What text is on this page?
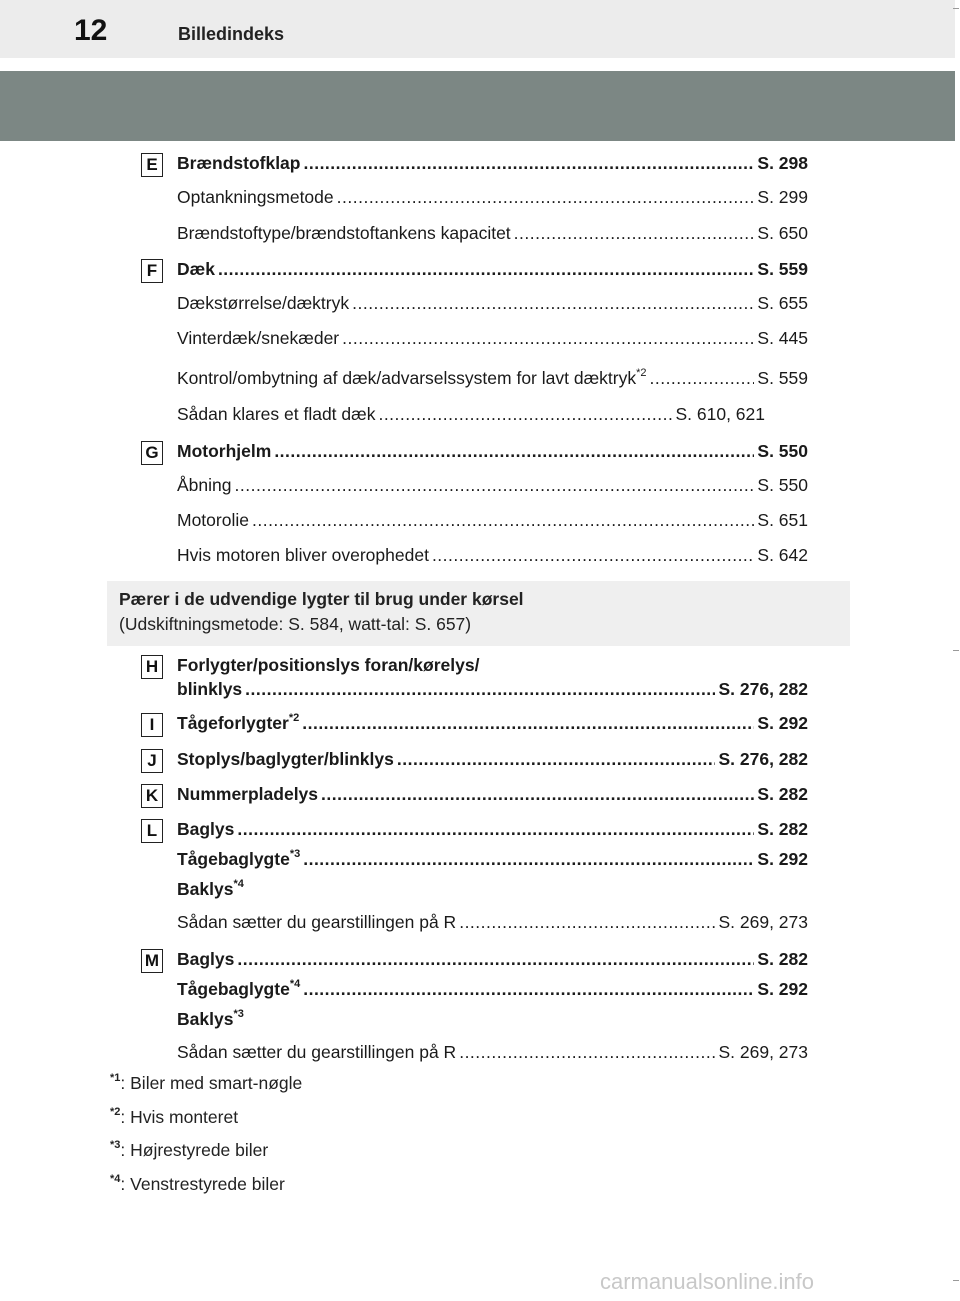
12	Billedindeks
E	Brændstofklap .....	S. 298
Optankningsmetode .....	S. 299
Brændstoftype/brændstoftankens kapacitet .....	S. 650
F	Dæk .....	S. 559
Dækstørrelse/dæktryk .....	S. 655
Vinterdæk/snekæder .....	S. 445
Kontrol/ombytning af dæk/advarselssystem for lavt dæktryk$^{*2}$ .....	S. 559
Sådan klares et fladt dæk .....	S. 610, 621
G Motorhjelm .....	S. 550
Åbning .....	S. 550
Motorolie .....	S. 651
Hvis motoren bliver overophedet .....	S. 642
Pærer i de udvendige lygter til brug under kørsel
(Udskiftningsmetode: S. 584, watt-tal: S. 657)
H Forlygter/positionslys foran/kørelys/
blinklys .....	S. 276, 282
I	Tågeforlygter$^{*2}$ .....	S. 292
J	Stoplys/baglygter/blinklys .....	S. 276, 282
K Nummerpladelys .....	S. 282
L	Baglys .....	S. 282
Tågebaglygte$^{*3}$ .....	S. 292
Baklys$^{*4}$
Sådan sætter du gearstillingen på R .....	S. 269, 273
M Baglys .....	S. 282
Tågebaglygte$^{*4}$ .....	S. 292
Baklys$^{*3}$
Sådan sætter du gearstillingen på R .....	S. 269, 273
$^{*1}$: Biler med smart-nøgle
$^{*2}$: Hvis monteret
$^{*3}$: Højrestyrede biler
$^{*4}$: Venstrestyrede biler
carmanualsonline.info
